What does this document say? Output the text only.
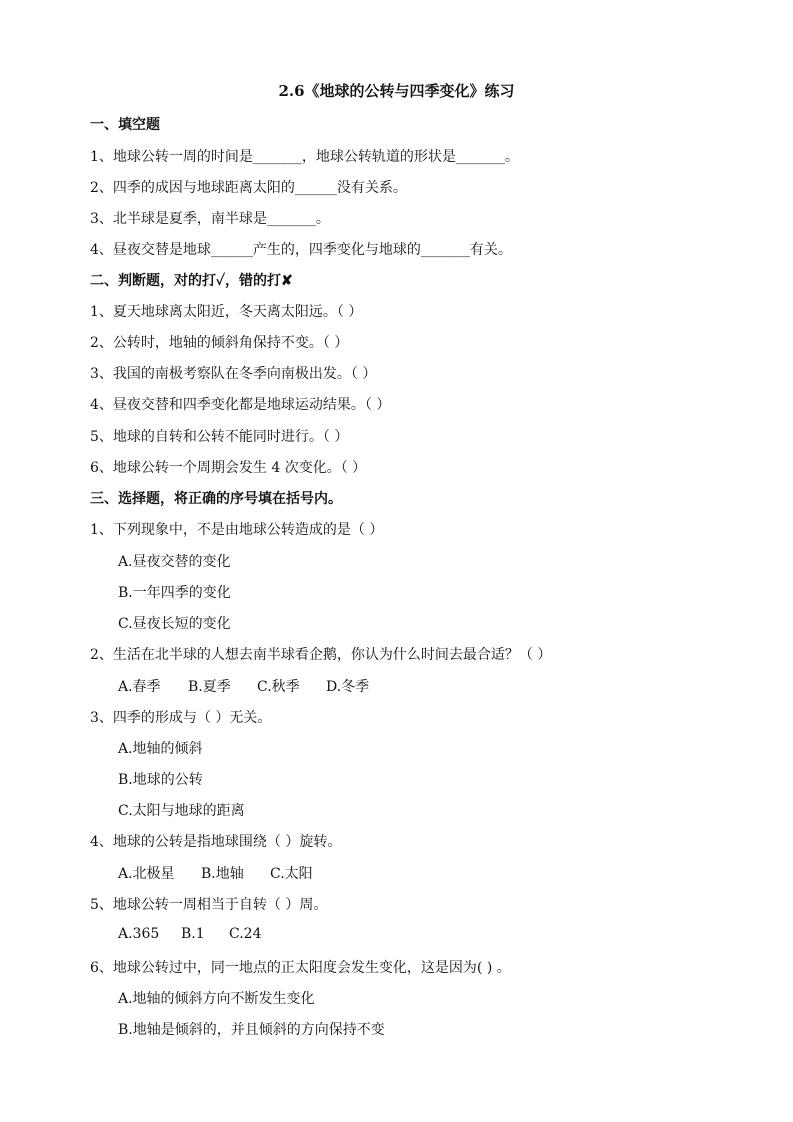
2.6《地球的公转与四季变化》练习
一、填空题
1、地球公转一周的时间是_______，地球公转轨道的形状是_______。
2、四季的成因与地球距离太阳的______没有关系。
3、北半球是夏季，南半球是_______。
4、昼夜交替是地球______产生的，四季变化与地球的_______有关。
二、判断题，对的打✓，错的打✘
1、夏天地球离太阳近，冬天离太阳远。（ ）
2、公转时，地轴的倾斜角保持不变。（ ）
3、我国的南极考察队在冬季向南极出发。（ ）
4、昼夜交替和四季变化都是地球运动结果。（ ）
5、地球的自转和公转不能同时进行。（ ）
6、地球公转一个周期会发生 4 次变化。（ ）
三、选择题，将正确的序号填在括号内。
1、下列现象中，不是由地球公转造成的是（ ）
A.昼夜交替的变化
B.一年四季的变化
C.昼夜长短的变化
2、生活在北半球的人想去南半球看企鹅，你认为什么时间去最合适？（ ）
A.春季 B.夏季 C.秋季 D.冬季
3、四季的形成与（ ）无关。
A.地轴的倾斜
B.地球的公转
C.太阳与地球的距离
4、地球的公转是指地球围绕（ ）旋转。
A.北极星 B.地轴 C.太阳
5、地球公转一周相当于自转（ ）周。
A.365 B.1 C.24
6、地球公转过中，同一地点的正太阳度会发生变化，这是因为( ) 。
A.地轴的倾斜方向不断发生变化
B.地轴是倾斜的，并且倾斜的方向保持不变
